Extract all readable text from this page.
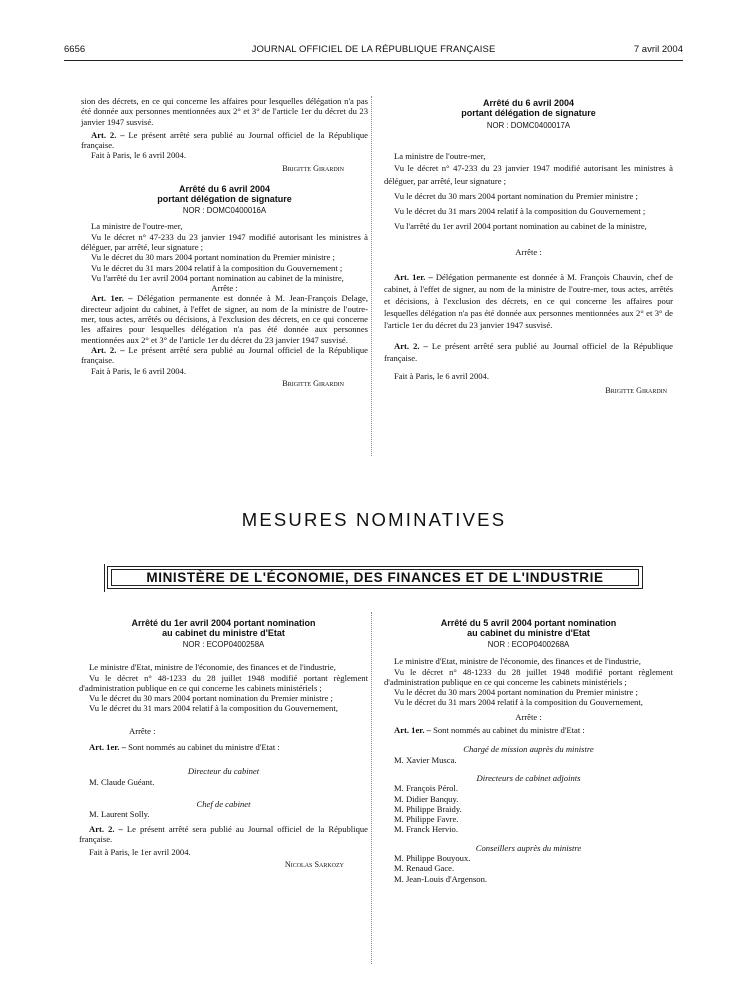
6656	JOURNAL OFFICIEL DE LA RÉPUBLIQUE FRANÇAISE	7 avril 2004

sion des décrets, en ce qui concerne les affaires pour lesquelles délégation n'a pas été donnée aux personnes mentionnées aux 2° et 3° de l'article 1er du décret du 23 janvier 1947 susvisé.

Art. 2. – Le présent arrêté sera publié au Journal officiel de la République française.

Fait à Paris, le 6 avril 2004.

Brigitte Girardin
Arrêté du 6 avril 2004
portant délégation de signature
NOR : DOMC0400016A

La ministre de l'outre-mer,

Vu le décret n° 47-233 du 23 janvier 1947 modifié autorisant les ministres à déléguer, par arrêté, leur signature ;

Vu le décret du 30 mars 2004 portant nomination du Premier ministre ;

Vu le décret du 31 mars 2004 relatif à la composition du Gouvernement ;

Vu l'arrêté du 1er avril 2004 portant nomination au cabinet de la ministre,

Arrête :

Art. 1er. – Délégation permanente est donnée à M. Jean-François Delage, directeur adjoint du cabinet, à l'effet de signer, au nom de la ministre de l'outre-mer, tous actes, arrêtés ou décisions, à l'exclusion des décrets, en ce qui concerne les affaires pour lesquelles délégation n'a pas été donnée aux personnes mentionnées aux 2° et 3° de l'article 1er du décret du 23 janvier 1947 susvisé.

Art. 2. – Le présent arrêté sera publié au Journal officiel de la République française.

Fait à Paris, le 6 avril 2004.

Brigitte Girardin
Arrêté du 6 avril 2004
portant délégation de signature
NOR : DOMC0400017A

La ministre de l'outre-mer,

Vu le décret n° 47-233 du 23 janvier 1947 modifié autorisant les ministres à déléguer, par arrêté, leur signature ;

Vu le décret du 30 mars 2004 portant nomination du Premier ministre ;

Vu le décret du 31 mars 2004 relatif à la composition du Gouvernement ;

Vu l'arrêté du 1er avril 2004 portant nomination au cabinet de la ministre,

Arrête :

Art. 1er. – Délégation permanente est donnée à M. François Chauvin, chef de cabinet, à l'effet de signer, au nom de la ministre de l'outre-mer, tous actes, arrêtés et décisions, à l'exclusion des décrets, en ce qui concerne les affaires pour lesquelles délégation n'a pas été donnée aux personnes mentionnées aux 2° et 3° de l'article 1er du décret du 23 janvier 1947 susvisé.

Art. 2. – Le présent arrêté sera publié au Journal officiel de la République française.

Fait à Paris, le 6 avril 2004.

Brigitte Girardin
MESURES NOMINATIVES
MINISTÈRE DE L'ÉCONOMIE, DES FINANCES ET DE L'INDUSTRIE
Arrêté du 1er avril 2004 portant nomination
au cabinet du ministre d'Etat
NOR : ECOP0400258A

Le ministre d'Etat, ministre de l'économie, des finances et de l'industrie,

Vu le décret n° 48-1233 du 28 juillet 1948 modifié portant règlement d'administration publique en ce qui concerne les cabinets ministériels ;

Vu le décret du 30 mars 2004 portant nomination du Premier ministre ;

Vu le décret du 31 mars 2004 relatif à la composition du Gouvernement,

Arrête :

Art. 1er. – Sont nommés au cabinet du ministre d'Etat :

Directeur du cabinet

M. Claude Guéant.

Chef de cabinet

M. Laurent Solly.

Art. 2. – Le présent arrêté sera publié au Journal officiel de la République française.

Fait à Paris, le 1er avril 2004.

Nicolas Sarkozy
Arrêté du 5 avril 2004 portant nomination
au cabinet du ministre d'Etat
NOR : ECOP0400268A

Le ministre d'Etat, ministre de l'économie, des finances et de l'industrie,

Vu le décret n° 48-1233 du 28 juillet 1948 modifié portant règlement d'administration publique en ce qui concerne les cabinets ministériels ;

Vu le décret du 30 mars 2004 portant nomination du Premier ministre ;

Vu le décret du 31 mars 2004 relatif à la composition du Gouvernement,

Arrête :

Art. 1er. – Sont nommés au cabinet du ministre d'Etat :

Chargé de mission auprès du ministre

M. Xavier Musca.

Directeurs de cabinet adjoints

M. François Pérol.

M. Didier Banquy.

M. Philippe Braidy.

M. Philippe Favre.

M. Franck Hervio.

Conseillers auprès du ministre

M. Philippe Bouyoux.

M. Renaud Gace.

M. Jean-Louis d'Argenson.
